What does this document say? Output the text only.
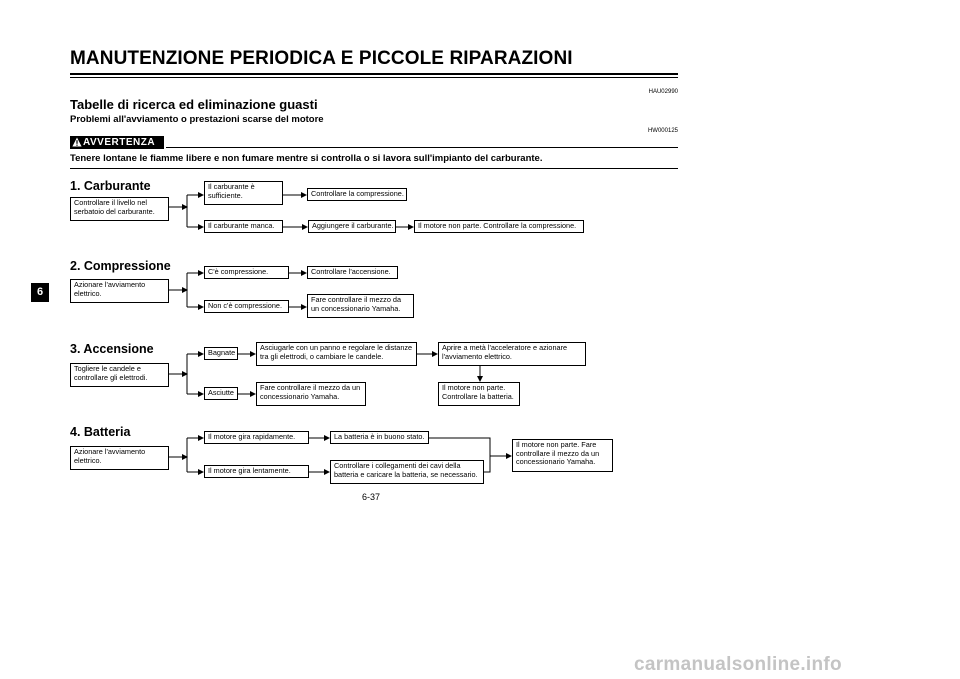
MANUTENZIONE PERIODICA E PICCOLE RIPARAZIONI
HAU02990
Tabelle di ricerca ed eliminazione guasti
Problemi all'avviamento o prestazioni scarse del motore
HW000125
AVVERTENZA
Tenere lontane le fiamme libere e non fumare mentre si controlla o si lavora sull'impianto del carburante.
6
1. Carburante
Controllare il livello nel serbatoio del carburante.
Il carburante è sufficiente.	Controllare la compressione.
Il carburante manca.	Aggiungere il carburante.	Il motore non parte. Controllare la compressione.
2. Compressione
Azionare l'avviamento elettrico.
C'è compressione.	Controllare l'accensione.
Non c'è compressione.
Fare controllare il mezzo da un concessionario Yamaha.
3. Accensione
Togliere le candele e controllare gli elettrodi.
Bagnate
Asciugarle con un panno e regolare le distanze tra gli elettrodi, o cambiare le candele.
Aprire a metà l'acceleratore e azionare l'avviamento elettrico.
Il motore non parte. Controllare la batteria.
Asciutte
Fare controllare il mezzo da un concessionario Yamaha.
4. Batteria
Azionare l'avviamento elettrico.
Il motore gira rapidamente.	La batteria è in buono stato.
Il motore gira lentamente.
Controllare i collegamenti dei cavi della batteria e caricare la batteria, se necessario.
Il motore non parte. Fare controllare il mezzo da un concessionario Yamaha.
6-37
carmanualsonline.info
